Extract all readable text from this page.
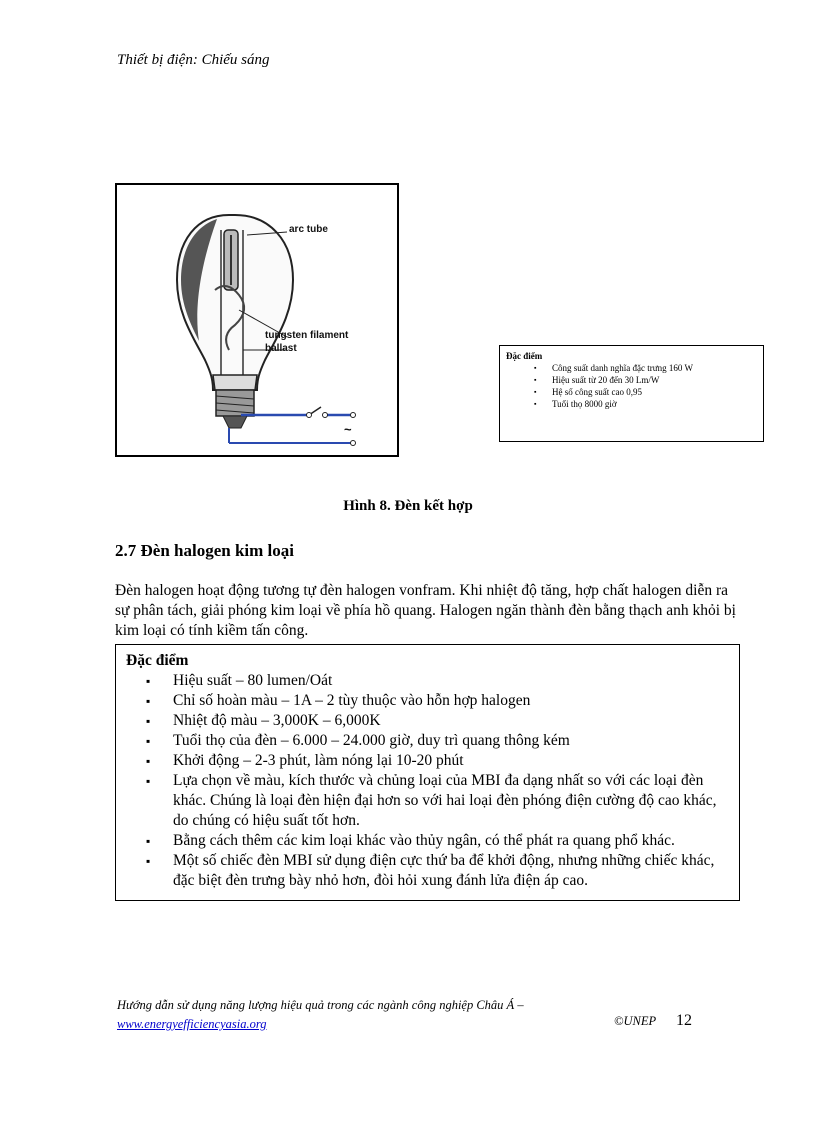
Thiết bị điện: Chiếu sáng
arc tube
tungsten filament
ballast
~
Đặc điểm
▪ Công suất danh nghĩa đặc trưng 160 W
▪ Hiệu suất từ 20 đến 30 Lm/W
▪ Hệ số công suất cao 0,95
▪ Tuổi thọ 8000 giờ
Hình 8. Đèn kết hợp
2.7 Đèn halogen kim loại
Đèn halogen hoạt động tương tự đèn halogen vonfram. Khi nhiệt độ tăng, hợp chất halogen diễn ra sự phân tách, giải phóng kim loại về phía hồ quang. Halogen ngăn thành đèn bằng thạch anh khỏi bị kim loại có tính kiềm tấn công.
Đặc điểm
▪ Hiệu suất – 80 lumen/Oát
▪ Chỉ số hoàn màu – 1A – 2 tùy thuộc vào hỗn hợp halogen
▪ Nhiệt độ màu – 3,000K – 6,000K
▪ Tuổi thọ của đèn – 6.000 – 24.000 giờ, duy trì quang thông kém
▪ Khởi động – 2-3 phút, làm nóng lại 10-20 phút
▪ Lựa chọn về màu, kích thước và chủng loại của MBI đa dạng nhất so với các loại đèn khác. Chúng là loại đèn hiện đại hơn so với hai loại đèn phóng điện cường độ cao khác, do chúng có hiệu suất tốt hơn.
▪ Bằng cách thêm các kim loại khác vào thủy ngân, có thể phát ra quang phổ khác.
▪ Một số chiếc đèn MBI sử dụng điện cực thứ ba để khởi động, nhưng những chiếc khác, đặc biệt đèn trưng bày nhỏ hơn, đòi hỏi xung đánh lửa điện áp cao.
Hướng dẫn sử dụng năng lượng hiệu quả trong các ngành công nghiệp Châu Á –
www.energyefficiencyasia.org	©UNEP 12
